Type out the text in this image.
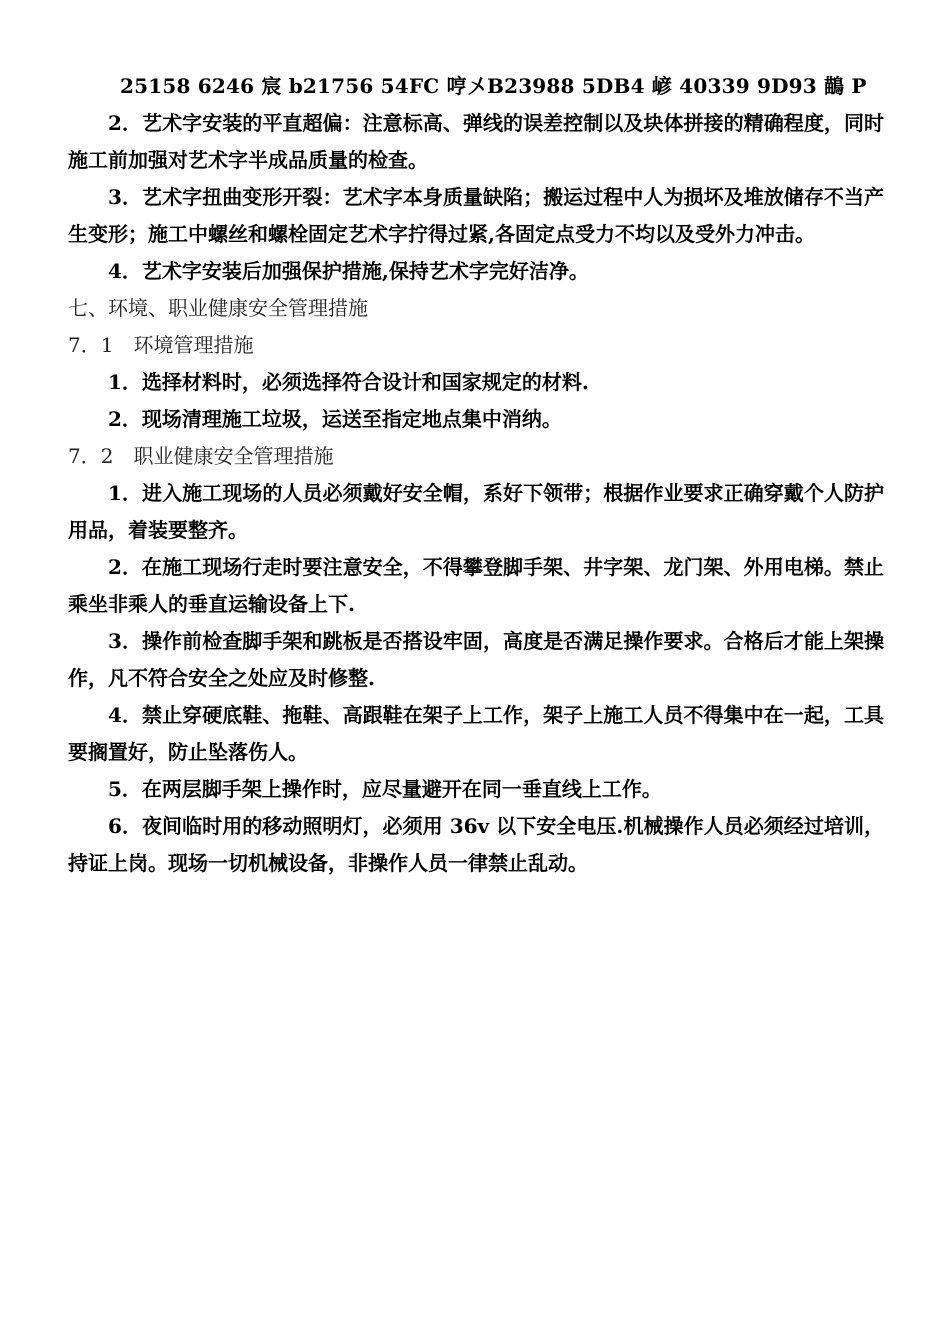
25158 6246 宸 b21756 54FC 哼〤B23988 5DB4 嵃 40339 9D93 鶓 P

2．艺术字安装的平直超偏：注意标高、弹线的误差控制以及块体拼接的精确程度，同时施工前加强对艺术字半成品质量的检查。

3．艺术字扭曲变形开裂：艺术字本身质量缺陷；搬运过程中人为损坏及堆放储存不当产生变形；施工中螺丝和螺栓固定艺术字拧得过紧,各固定点受力不均以及受外力冲击。

4．艺术字安装后加强保护措施,保持艺术字完好洁净。

七、环境、职业健康安全管理措施

7．1　环境管理措施

1．选择材料时，必须选择符合设计和国家规定的材料.

2．现场清理施工垃圾，运送至指定地点集中消纳。

7．2　职业健康安全管理措施

1．进入施工现场的人员必须戴好安全帽，系好下领带；根据作业要求正确穿戴个人防护用品，着装要整齐。

2．在施工现场行走时要注意安全，不得攀登脚手架、井字架、龙门架、外用电梯。禁止乘坐非乘人的垂直运输设备上下.

3．操作前检查脚手架和跳板是否搭设牢固，高度是否满足操作要求。合格后才能上架操作，凡不符合安全之处应及时修整.

4．禁止穿硬底鞋、拖鞋、高跟鞋在架子上工作，架子上施工人员不得集中在一起，工具要搁置好，防止坠落伤人。

5．在两层脚手架上操作时，应尽量避开在同一垂直线上工作。

6．夜间临时用的移动照明灯，必须用 36v 以下安全电压.机械操作人员必须经过培训，持证上岗。现场一切机械设备，非操作人员一律禁止乱动。
